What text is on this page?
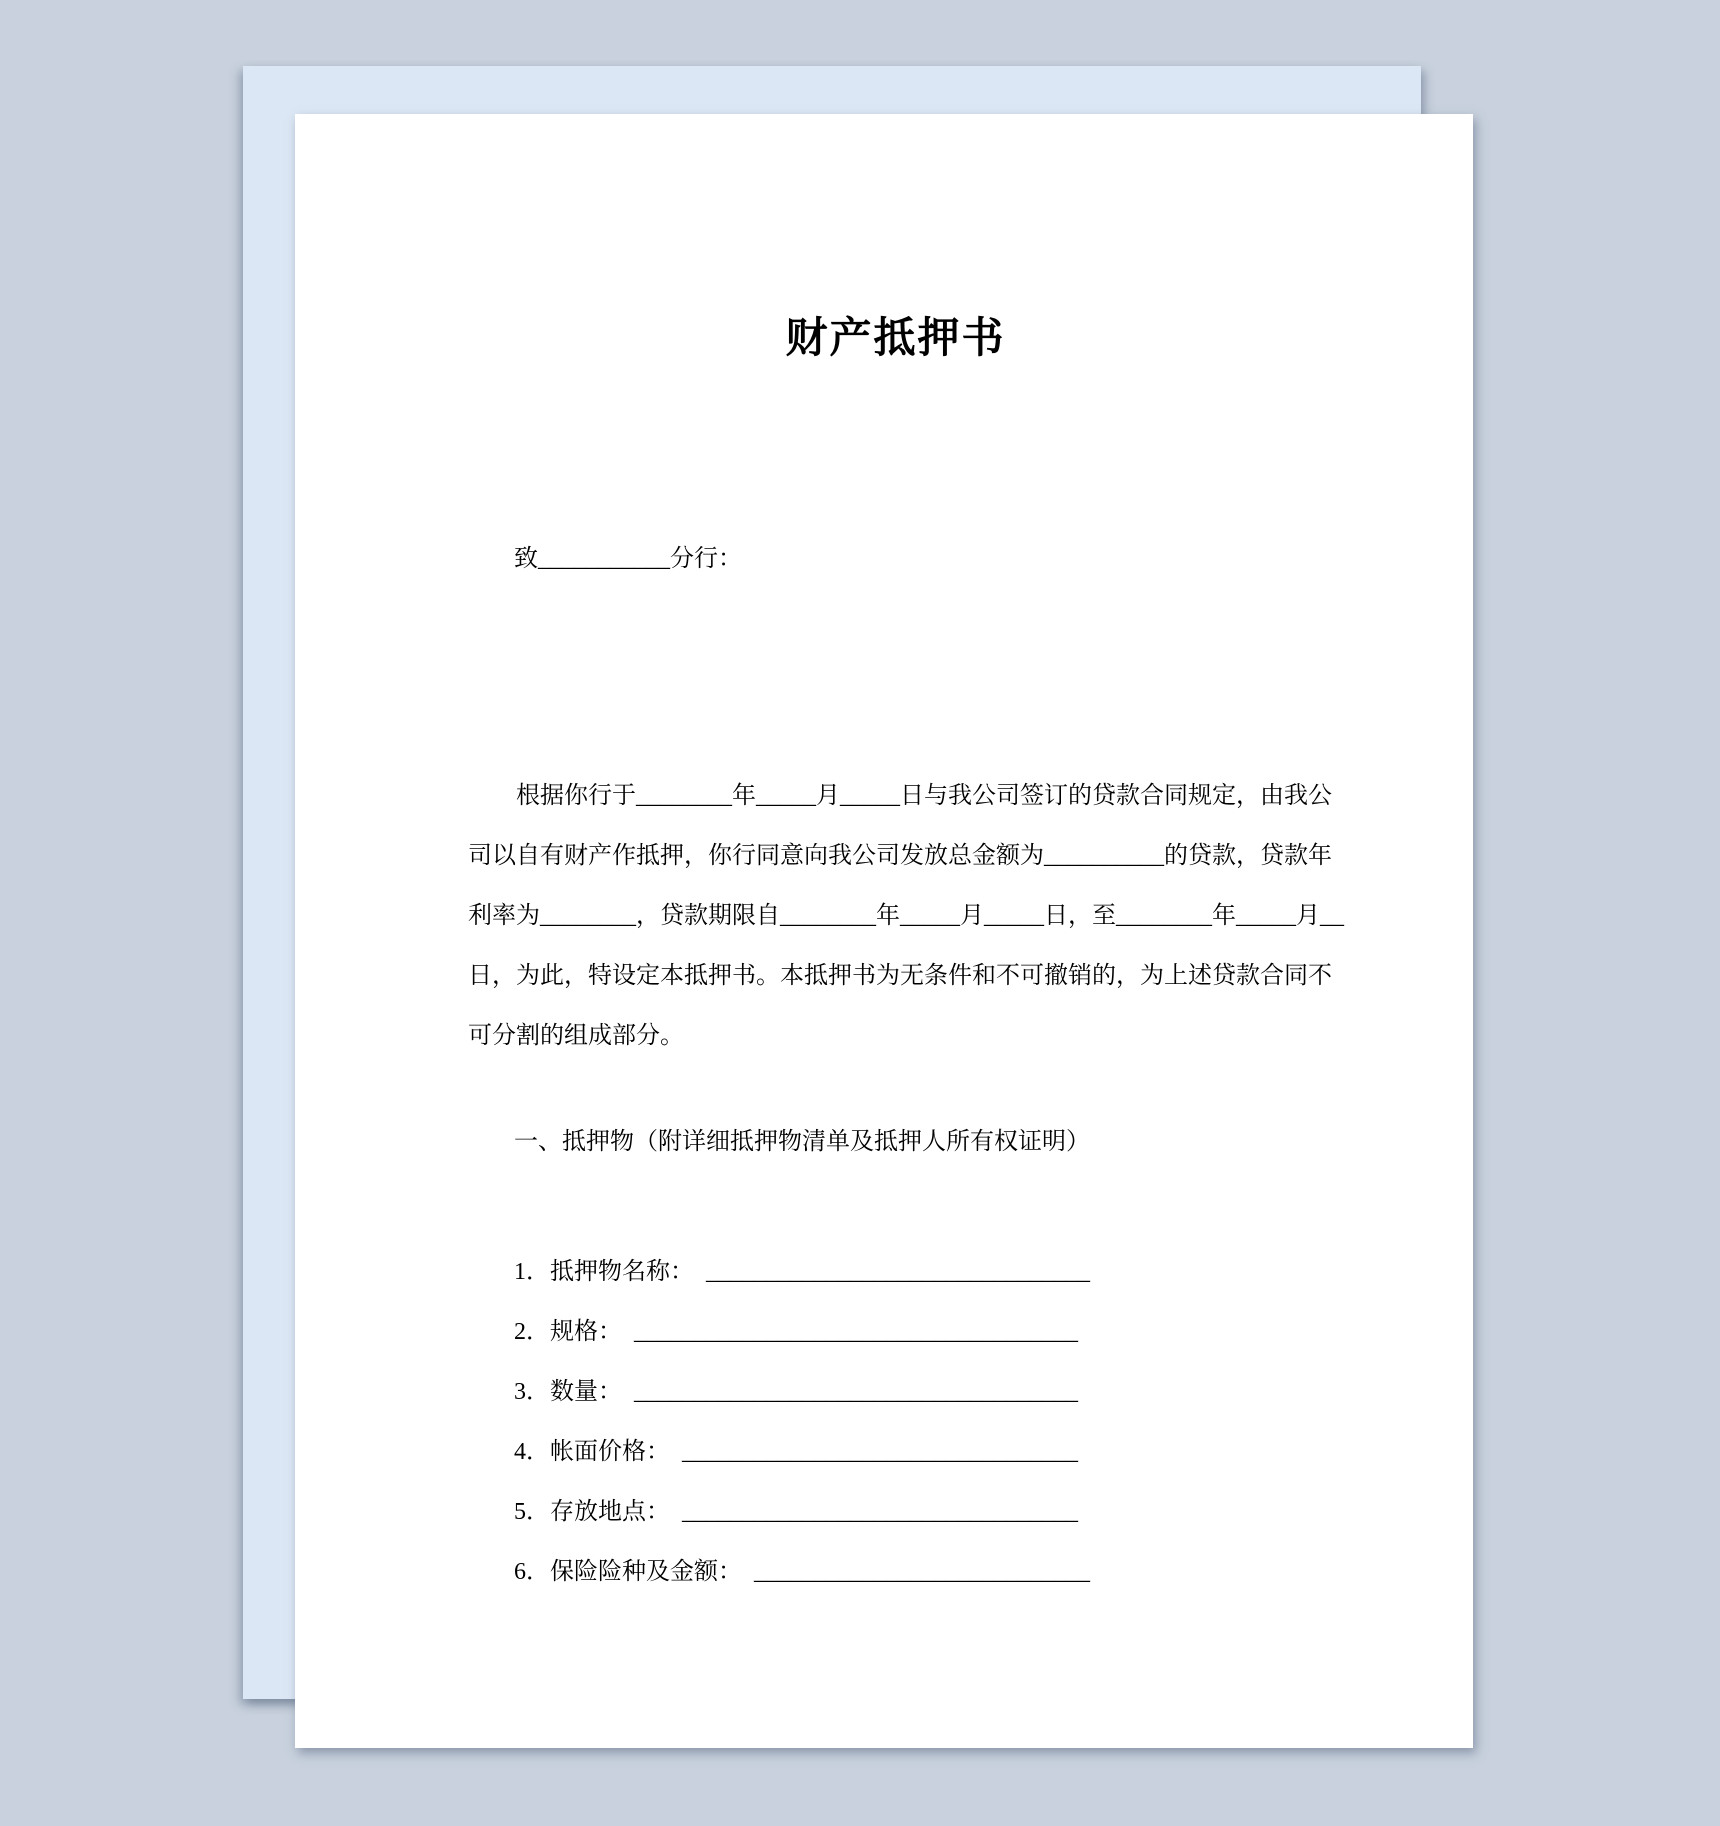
财产抵押书
致___________分行：
根据你行于________年_____月_____日与我公司签订的贷款合同规定，由我公
司以自有财产作抵押，你行同意向我公司发放总金额为__________的贷款，贷款年
利率为________，贷款期限自________年_____月_____日，至________年_____月__
日，为此，特设定本抵押书。本抵押书为无条件和不可撤销的，为上述贷款合同不
可分割的组成部分。
一、抵押物（附详细抵押物清单及抵押人所有权证明）
1．抵押物名称： ________________________________
2．规格： _____________________________________
3．数量： _____________________________________
4．帐面价格： _________________________________
5．存放地点： _________________________________
6．保险险种及金额： ____________________________
